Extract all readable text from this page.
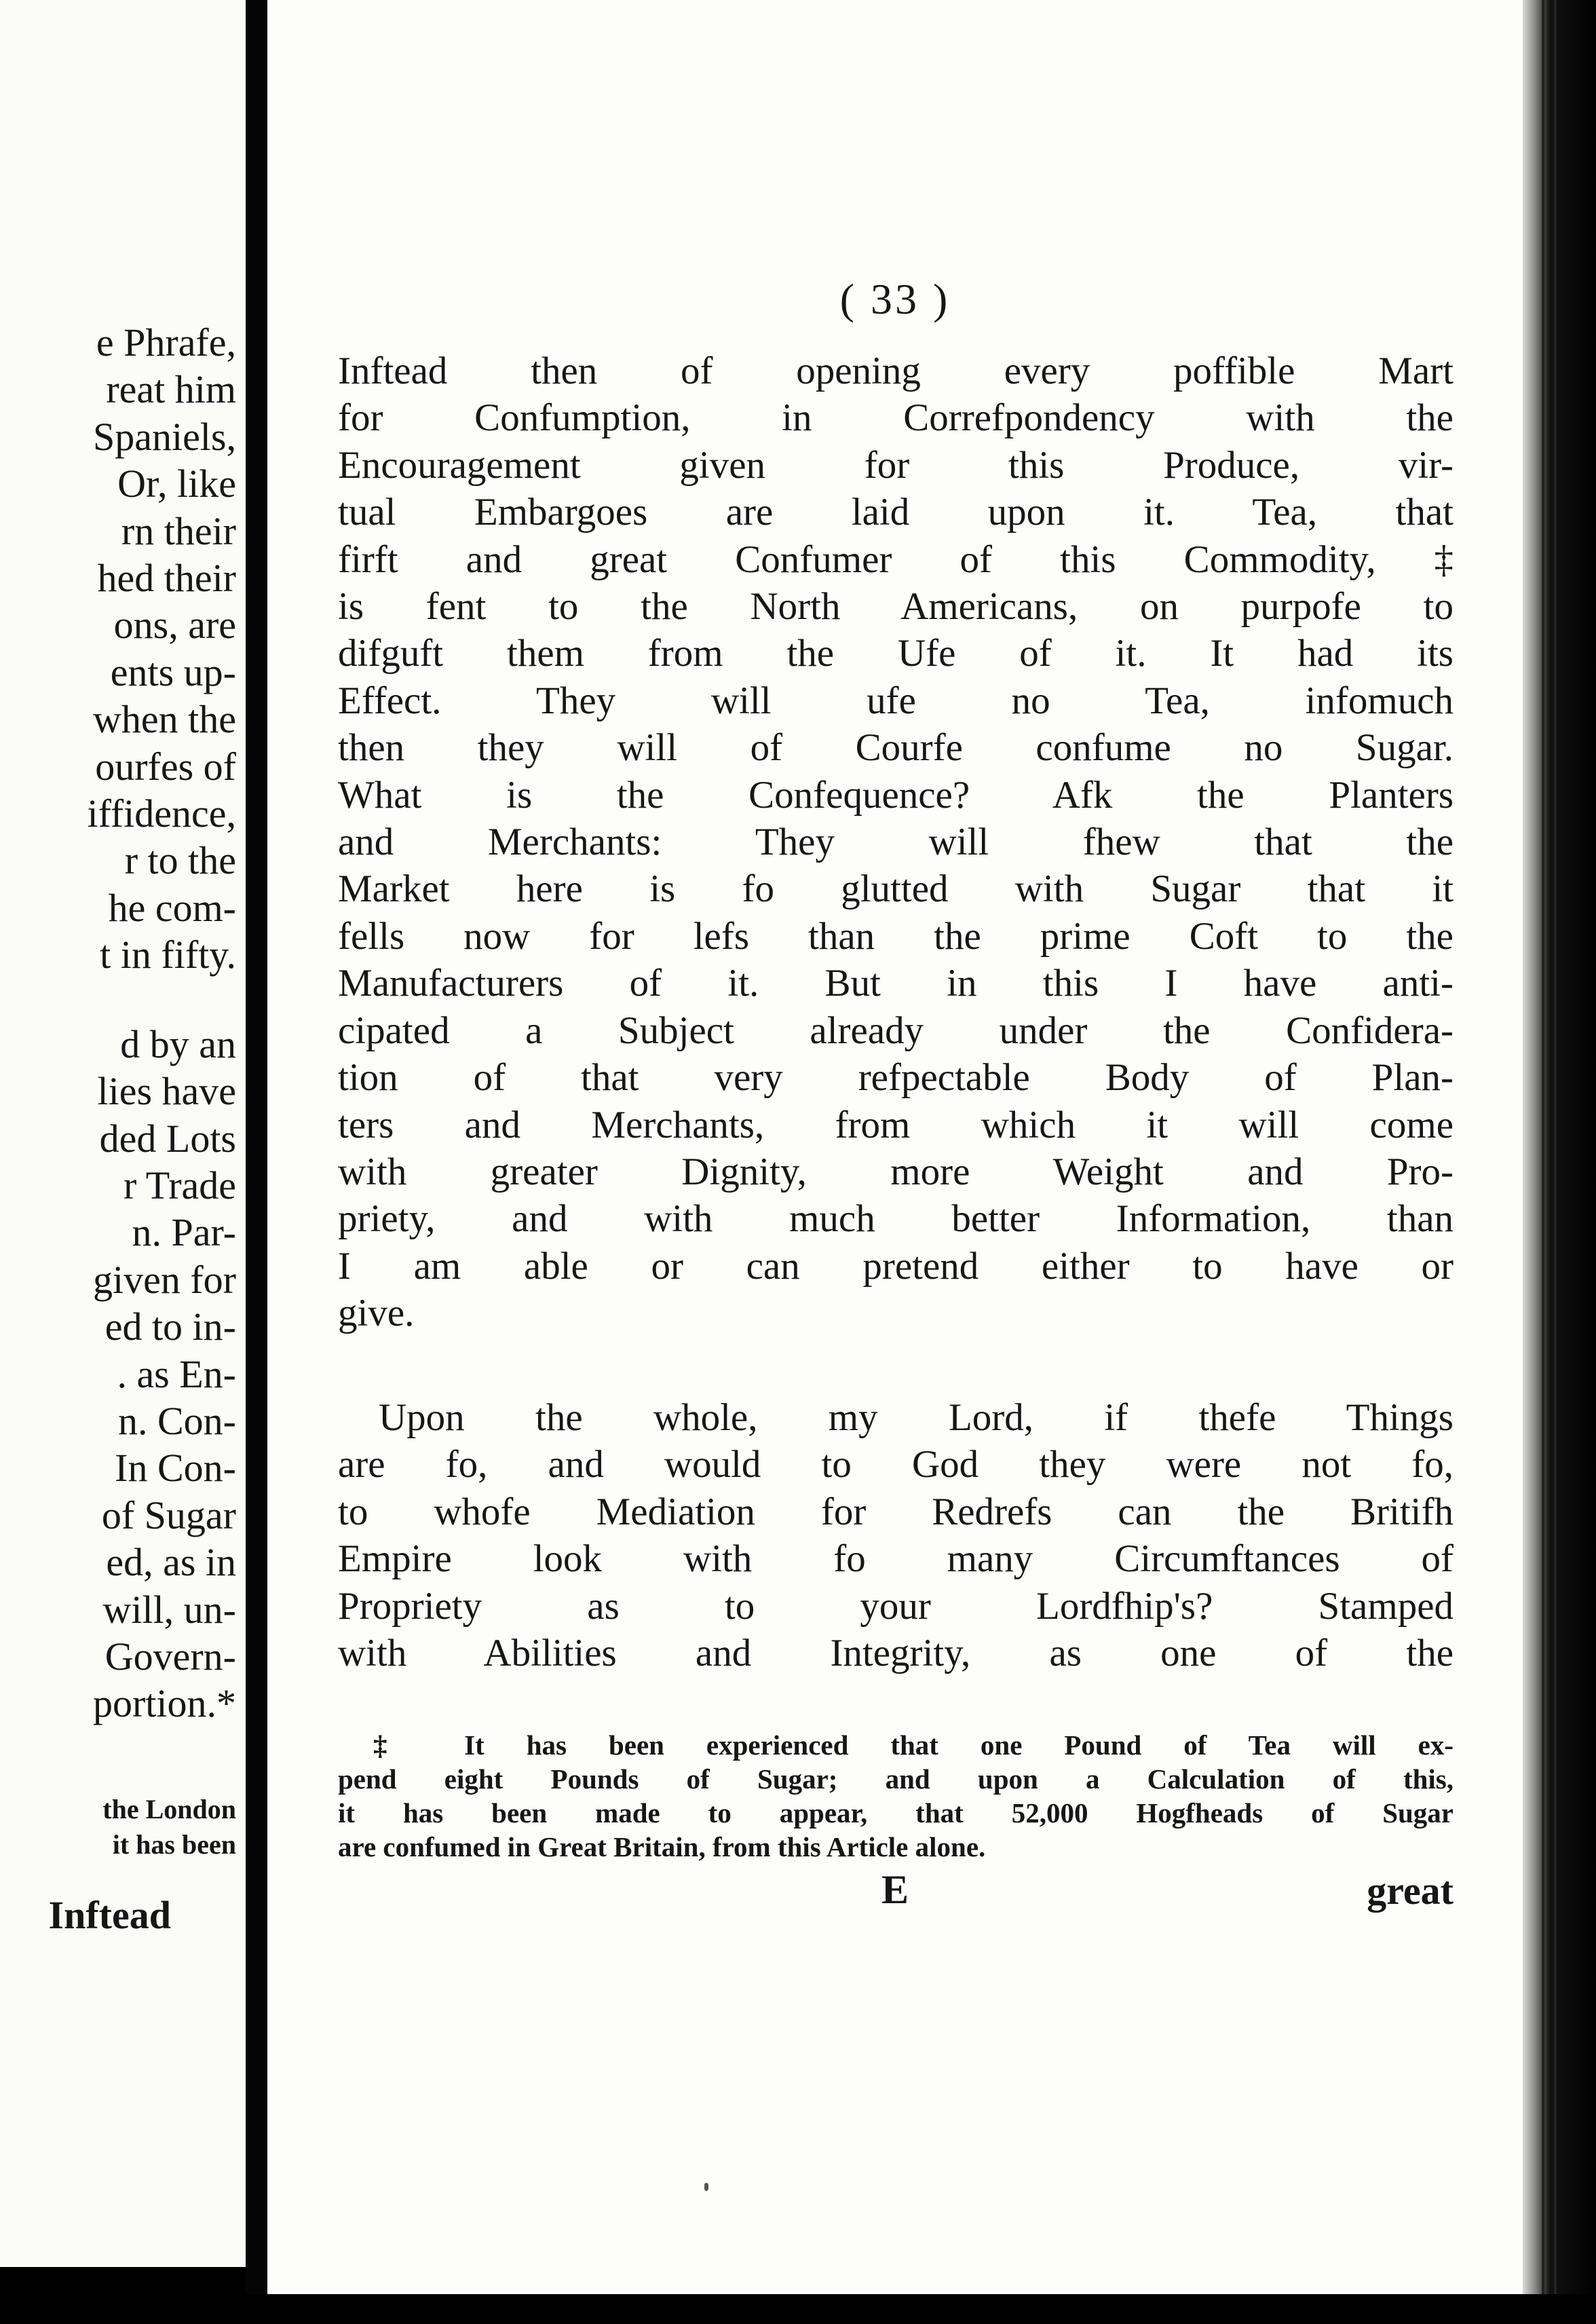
e Phrafe,
reat him
Spaniels,
Or, like
rn their
hed their
ons, are
ents up-
when the
ourfes of
iffidence,
r to the
he com-
t in fifty.
d by an
lies have
ded Lots
r Trade
n. Par-
given for
ed to in-
. as En-
n. Con-
In Con-
of Sugar
ed, as in
will, un-
Govern-
portion.*
the London
it has been
Inftead
( 33 )
Inftead then of opening every poffible Mart
for Confumption, in Correfpondency with the
Encouragement given for this Produce, vir-
tual Embargoes are laid upon it. Tea, that
firft and great Confumer of this Commodity,‡
is fent to the North Americans, on purpofe to
difguft them from the Ufe of it. It had its
Effect. They will ufe no Tea, infomuch
then they will of Courfe confume no Sugar.
What is the Confequence? Afk the Planters
and Merchants: They will fhew that the
Market here is fo glutted with Sugar that it
fells now for lefs than the prime Coft to the
Manufacturers of it. But in this I have anti-
cipated a Subject already under the Confidera-
tion of that very refpectable Body of Plan-
ters and Merchants, from which it will come
with greater Dignity, more Weight and Pro-
priety, and with much better Information, than
I am able or can pretend either to have or
give.
Upon the whole, my Lord, if thefe Things
are fo, and would to God they were not fo,
to whofe Mediation for Redrefs can the Britifh
Empire look with fo many Circumftances of
Propriety as to your Lordfhip's? Stamped
with Abilities and Integrity, as one of the
‡ It has been experienced that one Pound of Tea will ex-
pend eight Pounds of Sugar; and upon a Calculation of this,
it has been made to appear, that 52,000 Hogfheads of Sugar
are confumed in Great Britain, from this Article alone.
E	great
